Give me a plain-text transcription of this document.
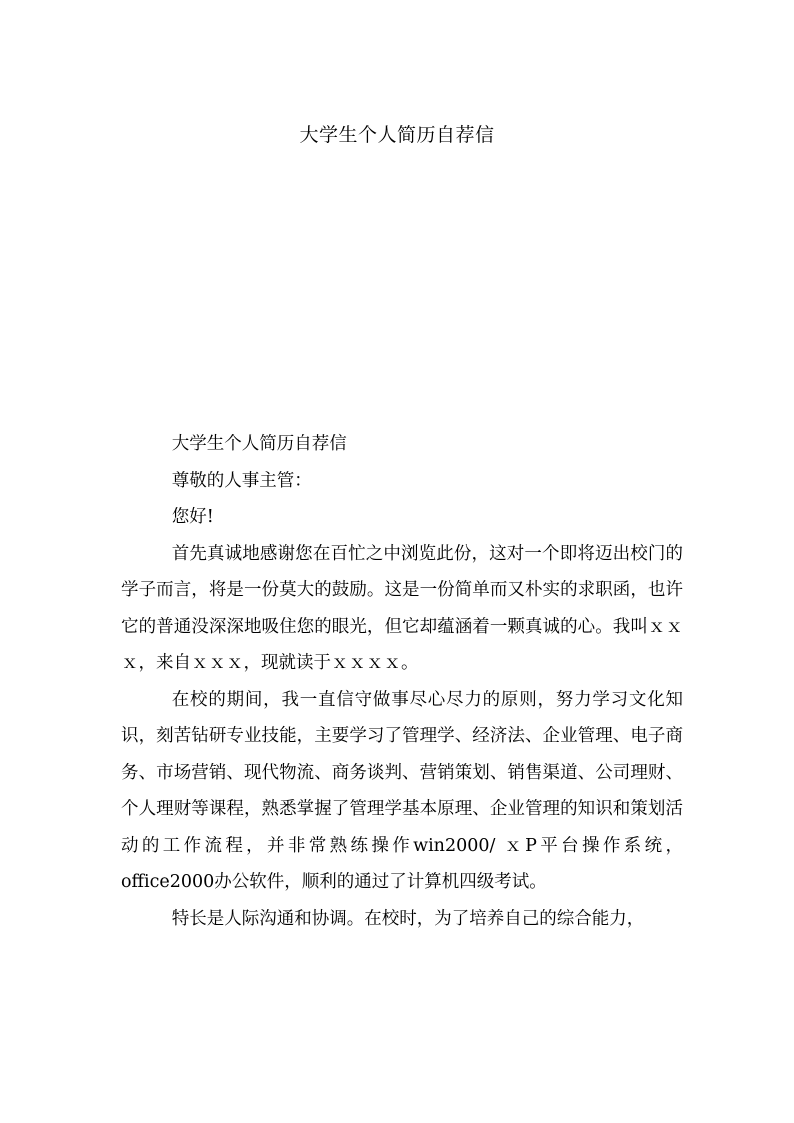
大学生个人简历自荐信

大学生个人简历自荐信

尊敬的人事主管：

您好!

首先真诚地感谢您在百忙之中浏览此份，这对一个即将迈出校门的学子而言，将是一份莫大的鼓励。这是一份简单而又朴实的求职函，也许它的普通没深深地吸住您的眼光，但它却蕴涵着一颗真诚的心。我叫ｘｘｘ，来自ｘｘｘ，现就读于ｘｘｘｘ。

在校的期间，我一直信守做事尽心尽力的原则，努力学习文化知识，刻苦钻研专业技能，主要学习了管理学、经济法、企业管理、电子商务、市场营销、现代物流、商务谈判、营销策划、销售渠道、公司理财、个人理财等课程，熟悉掌握了管理学基本原理、企业管理的知识和策划活动的工作流程，并非常熟练操作win2000/ ｘP平台操作系统，office2000办公软件，顺利的通过了计算机四级考试。

特长是人际沟通和协调。在校时，为了培养自己的综合能力，
